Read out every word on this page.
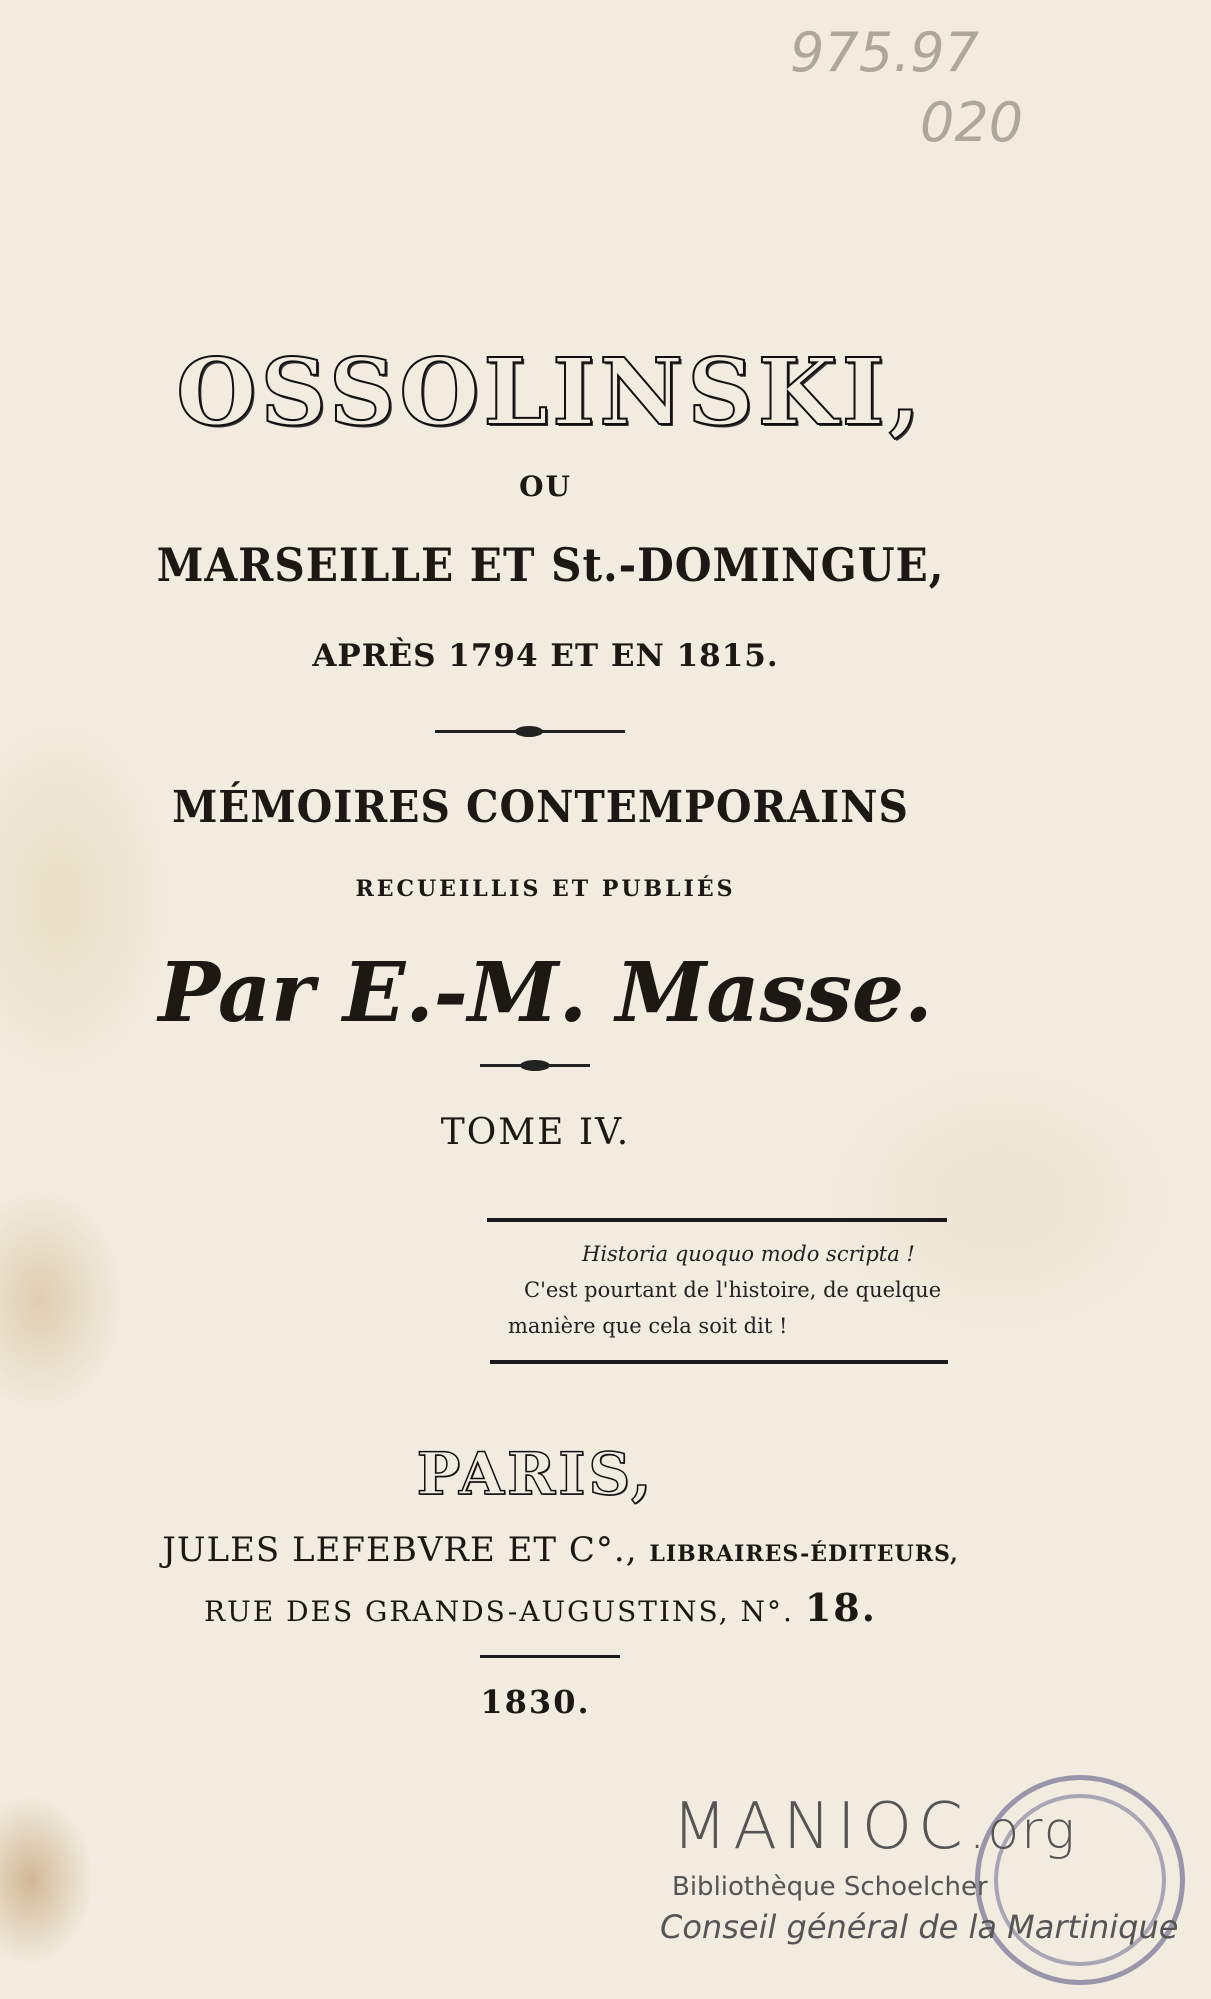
975.97
020
OSSOLINSKI,
OU
MARSEILLE ET St.-DOMINGUE,
APRÈS 1794 ET EN 1815.
MÉMOIRES CONTEMPORAINS
RECUEILLIS ET PUBLIÉS
Par E.-M. Masse.
TOME IV.
Historia quoquo modo scripta !
C'est pourtant de l'histoire, de quelque
manière que cela soit dit !
PARIS,
JULES LEFEBVRE ET C°., LIBRAIRES-ÉDITEURS,
RUE DES GRANDS-AUGUSTINS, N°. 18.
1830.
MANIOC.org
Bibliothèque Schoelcher
Conseil général de la Martinique
